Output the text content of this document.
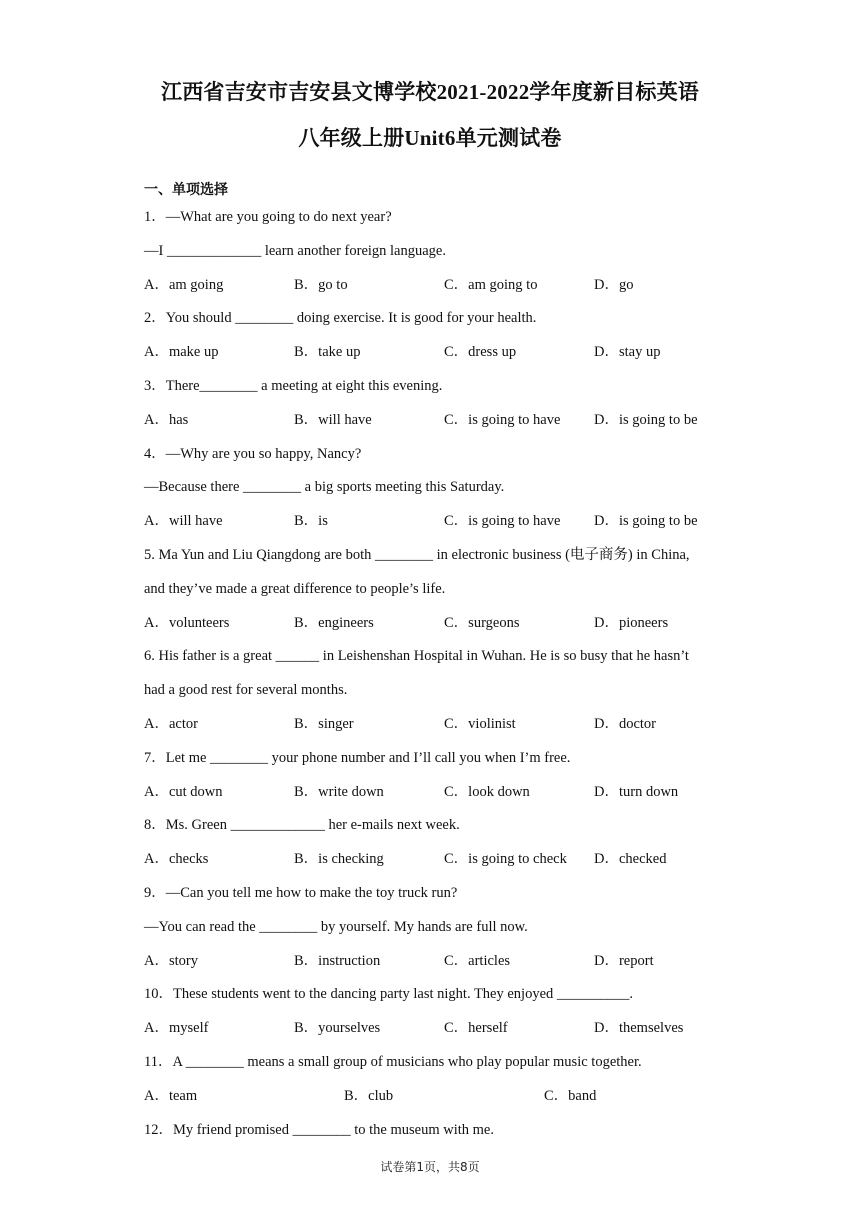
江西省吉安市吉安县文博学校2021-2022学年度新目标英语
八年级上册Unit6单元测试卷
一、单项选择
1．—What are you going to do next year?
—I _____________ learn another foreign language.
A．am going	B．go to	C．am going to	D．go
2．You should ________ doing exercise. It is good for your health.
A．make up	B．take up	C．dress up	D．stay up
3．There________ a meeting at eight this evening.
A．has	B．will have	C．is going to have D．is going to be
4．—Why are you so happy, Nancy?
—Because there ________ a big sports meeting this Saturday.
A．will have	B．is	C．is going to have D．is going to be
5. Ma Yun and Liu Qiangdong are both ________ in electronic business (电子商务) in China,
and they’ve made a great difference to people’s life.
A．volunteers	B．engineers	C．surgeons	D．pioneers
6. His father is a great ______ in Leishenshan Hospital in Wuhan. He is so busy that he hasn’t
had a good rest for several months.
A．actor	B．singer	C．violinist	D．doctor
7．Let me ________ your phone number and I’ll call you when I’m free.
A．cut down	B．write down	C．look down	D．turn down
8．Ms. Green _____________ her e-mails next week.
A．checks	B．is checking	C．is going to check D．checked
9．—Can you tell me how to make the toy truck run?
—You can read the ________ by yourself. My hands are full now.
A．story	B．instruction	C．articles	D．report
10．These students went to the dancing party last night. They enjoyed __________.
A．myself	B．yourselves	C．herself	D．themselves
11．A ________ means a small group of musicians who play popular music together.
A．team	B．club	C．band
12．My friend promised ________ to the museum with me.
试卷第1页，共8页
